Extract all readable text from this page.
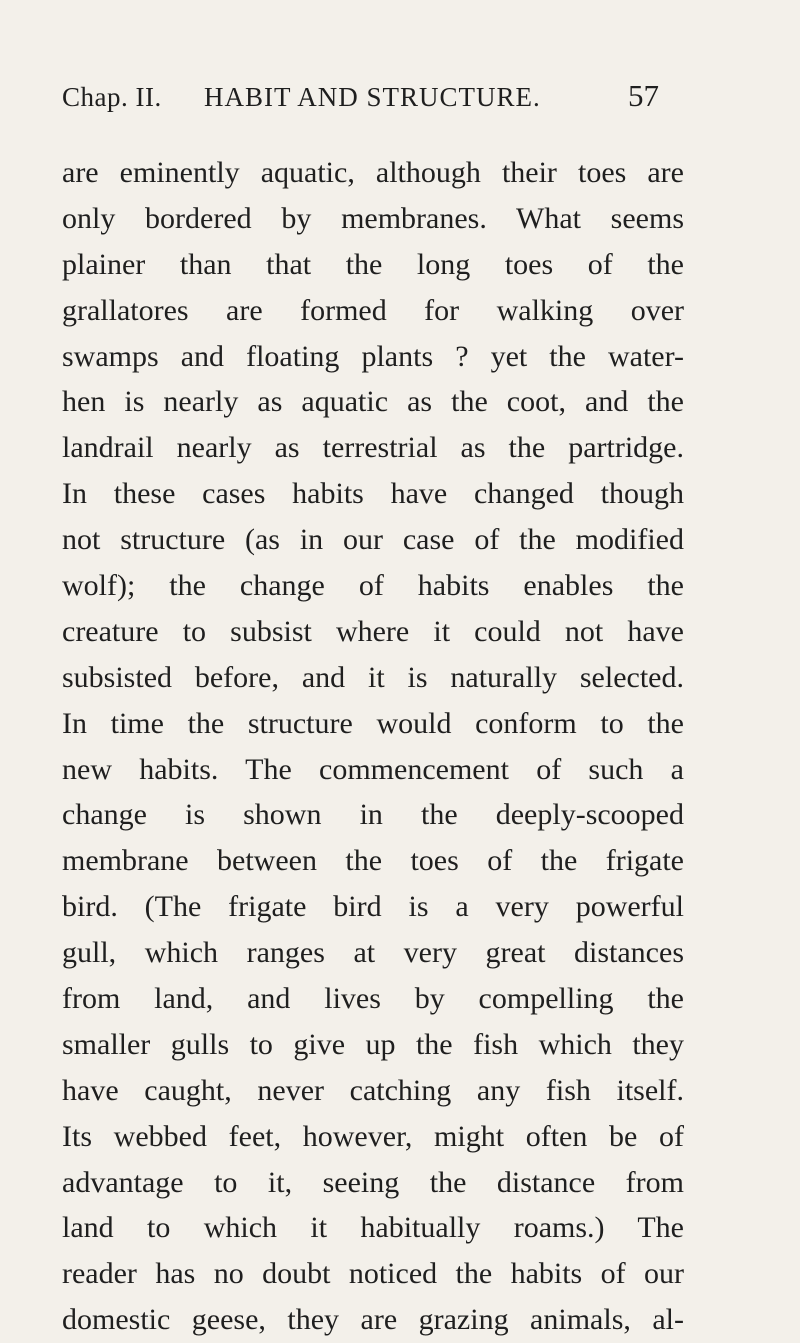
Chap. II. HABIT AND STRUCTURE.	57
are eminently aquatic, although their toes are
only bordered by membranes. What seems
plainer than that the long toes of the
grallatores are formed for walking over
swamps and floating plants ? yet the water-
hen is nearly as aquatic as the coot, and the
landrail nearly as terrestrial as the partridge.
In these cases habits have changed though
not structure (as in our case of the modified
wolf); the change of habits enables the
creature to subsist where it could not have
subsisted before, and it is naturally selected.
In time the structure would conform to the
new habits. The commencement of such a
change is shown in the deeply-scooped
membrane between the toes of the frigate
bird. (The frigate bird is a very powerful
gull, which ranges at very great distances
from land, and lives by compelling the
smaller gulls to give up the fish which they
have caught, never catching any fish itself.
Its webbed feet, however, might often be of
advantage to it, seeing the distance from
land to which it habitually roams.) The
reader has no doubt noticed the habits of our
domestic geese, they are grazing animals, al-
